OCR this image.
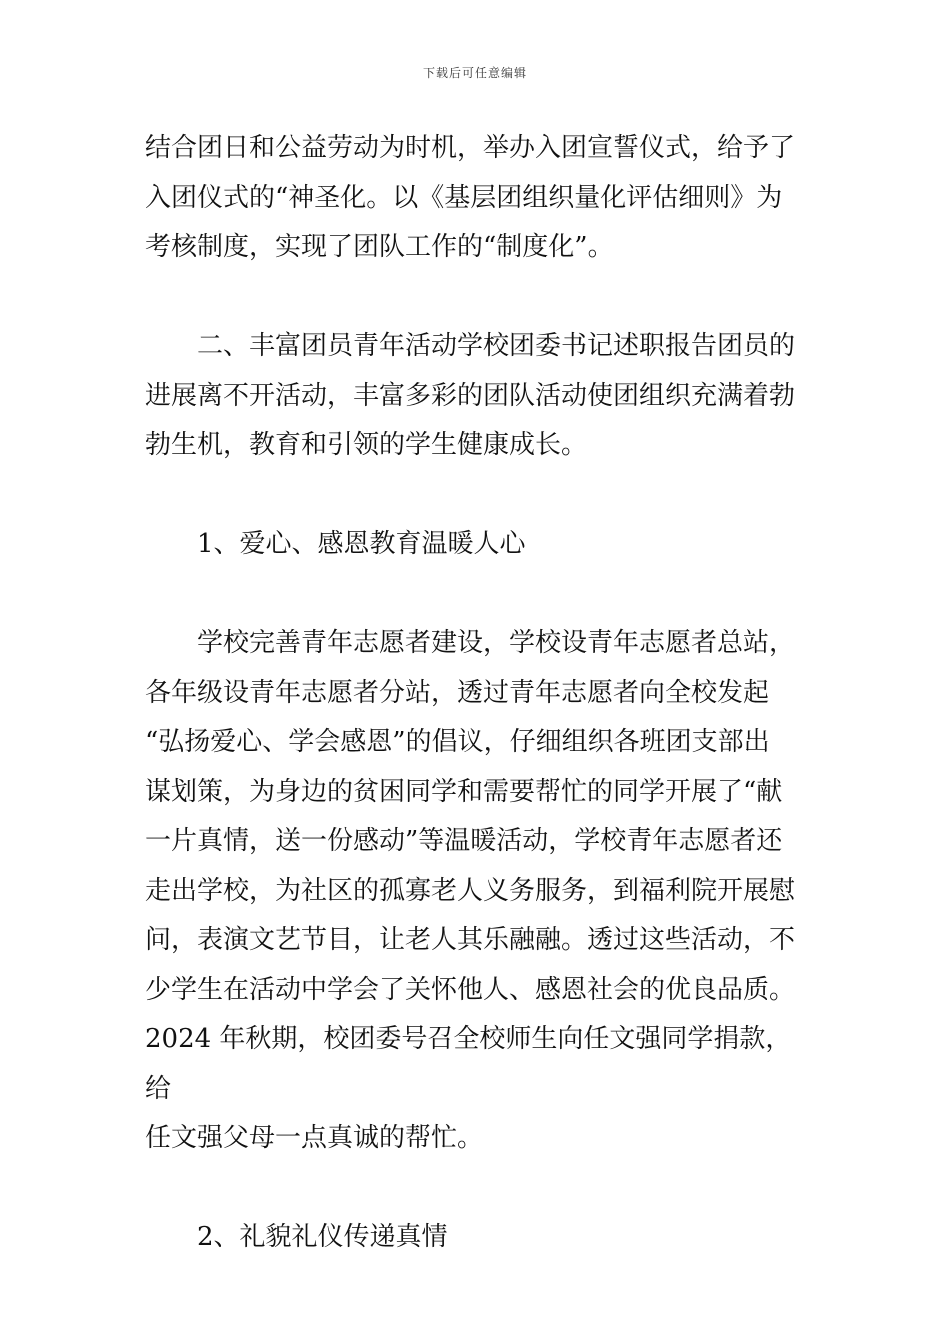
下载后可任意编辑
结合团日和公益劳动为时机，举办入团宣誓仪式，给予了
入团仪式的“神圣化。以《基层团组织量化评估细则》为
考核制度，实现了团队工作的“制度化”。
二、丰富团员青年活动学校团委书记述职报告团员的
进展离不开活动，丰富多彩的团队活动使团组织充满着勃
勃生机，教育和引领的学生健康成长。
1、爱心、感恩教育温暖人心
学校完善青年志愿者建设，学校设青年志愿者总站，
各年级设青年志愿者分站，透过青年志愿者向全校发起
“弘扬爱心、学会感恩”的倡议，仔细组织各班团支部出
谋划策，为身边的贫困同学和需要帮忙的同学开展了“献
一片真情，送一份感动”等温暖活动，学校青年志愿者还
走出学校，为社区的孤寡老人义务服务，到福利院开展慰
问，表演文艺节目，让老人其乐融融。透过这些活动，不
少学生在活动中学会了关怀他人、感恩社会的优良品质。
2024 年秋期，校团委号召全校师生向任文强同学捐款，给
任文强父母一点真诚的帮忙。
2、礼貌礼仪传递真情
